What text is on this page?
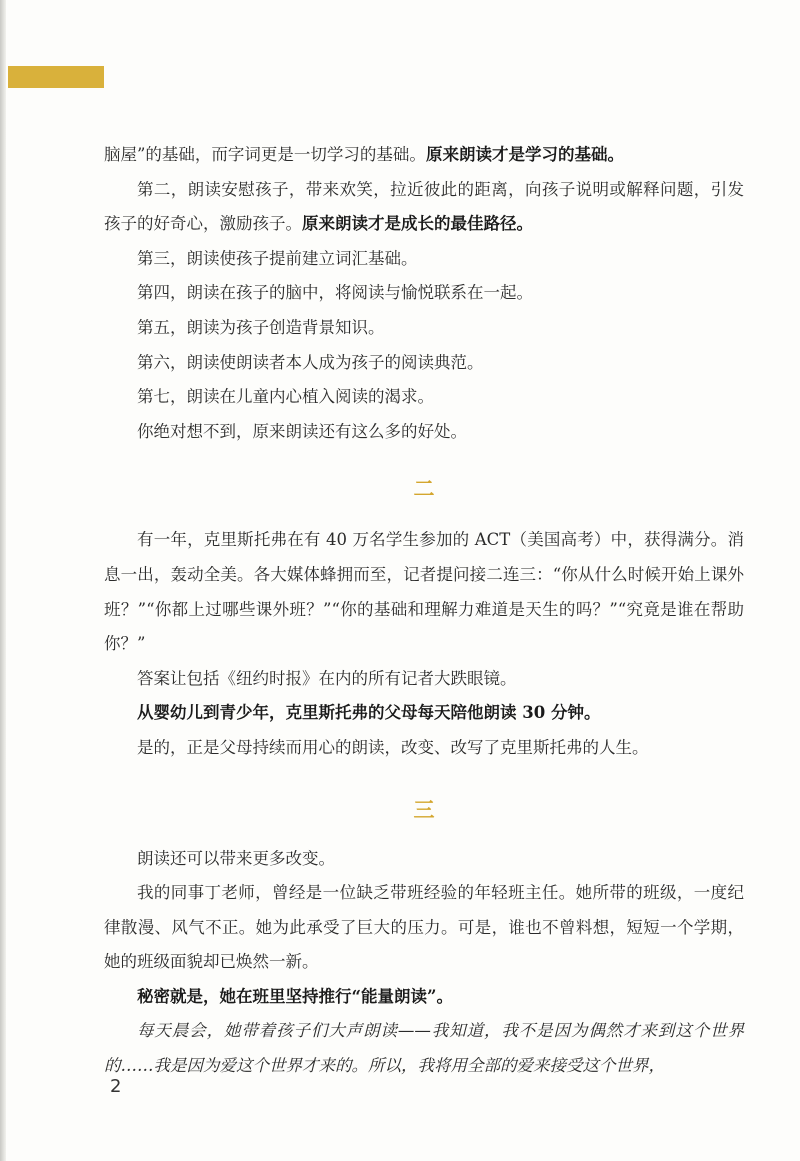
脑屋”的基础，而字词更是一切学习的基础。原来朗读才是学习的基础。

第二，朗读安慰孩子，带来欢笑，拉近彼此的距离，向孩子说明或解释问题，引发孩子的好奇心，激励孩子。原来朗读才是成长的最佳路径。

第三，朗读使孩子提前建立词汇基础。

第四，朗读在孩子的脑中，将阅读与愉悦联系在一起。

第五，朗读为孩子创造背景知识。

第六，朗读使朗读者本人成为孩子的阅读典范。

第七，朗读在儿童内心植入阅读的渴求。

你绝对想不到，原来朗读还有这么多的好处。

二

有一年，克里斯托弗在有 40 万名学生参加的 ACT（美国高考）中，获得满分。消息一出，轰动全美。各大媒体蜂拥而至，记者提问接二连三：“你从什么时候开始上课外班？”“你都上过哪些课外班？”“你的基础和理解力难道是天生的吗？”“究竟是谁在帮助你？”

答案让包括《纽约时报》在内的所有记者大跌眼镜。

从婴幼儿到青少年，克里斯托弗的父母每天陪他朗读 30 分钟。

是的，正是父母持续而用心的朗读，改变、改写了克里斯托弗的人生。

三

朗读还可以带来更多改变。

我的同事丁老师，曾经是一位缺乏带班经验的年轻班主任。她所带的班级，一度纪律散漫、风气不正。她为此承受了巨大的压力。可是，谁也不曾料想，短短一个学期，她的班级面貌却已焕然一新。

秘密就是，她在班里坚持推行“能量朗读”。

每天晨会，她带着孩子们大声朗读——我知道，我不是因为偶然才来到这个世界的……我是因为爱这个世界才来的。所以，我将用全部的爱来接受这个世界，

2
